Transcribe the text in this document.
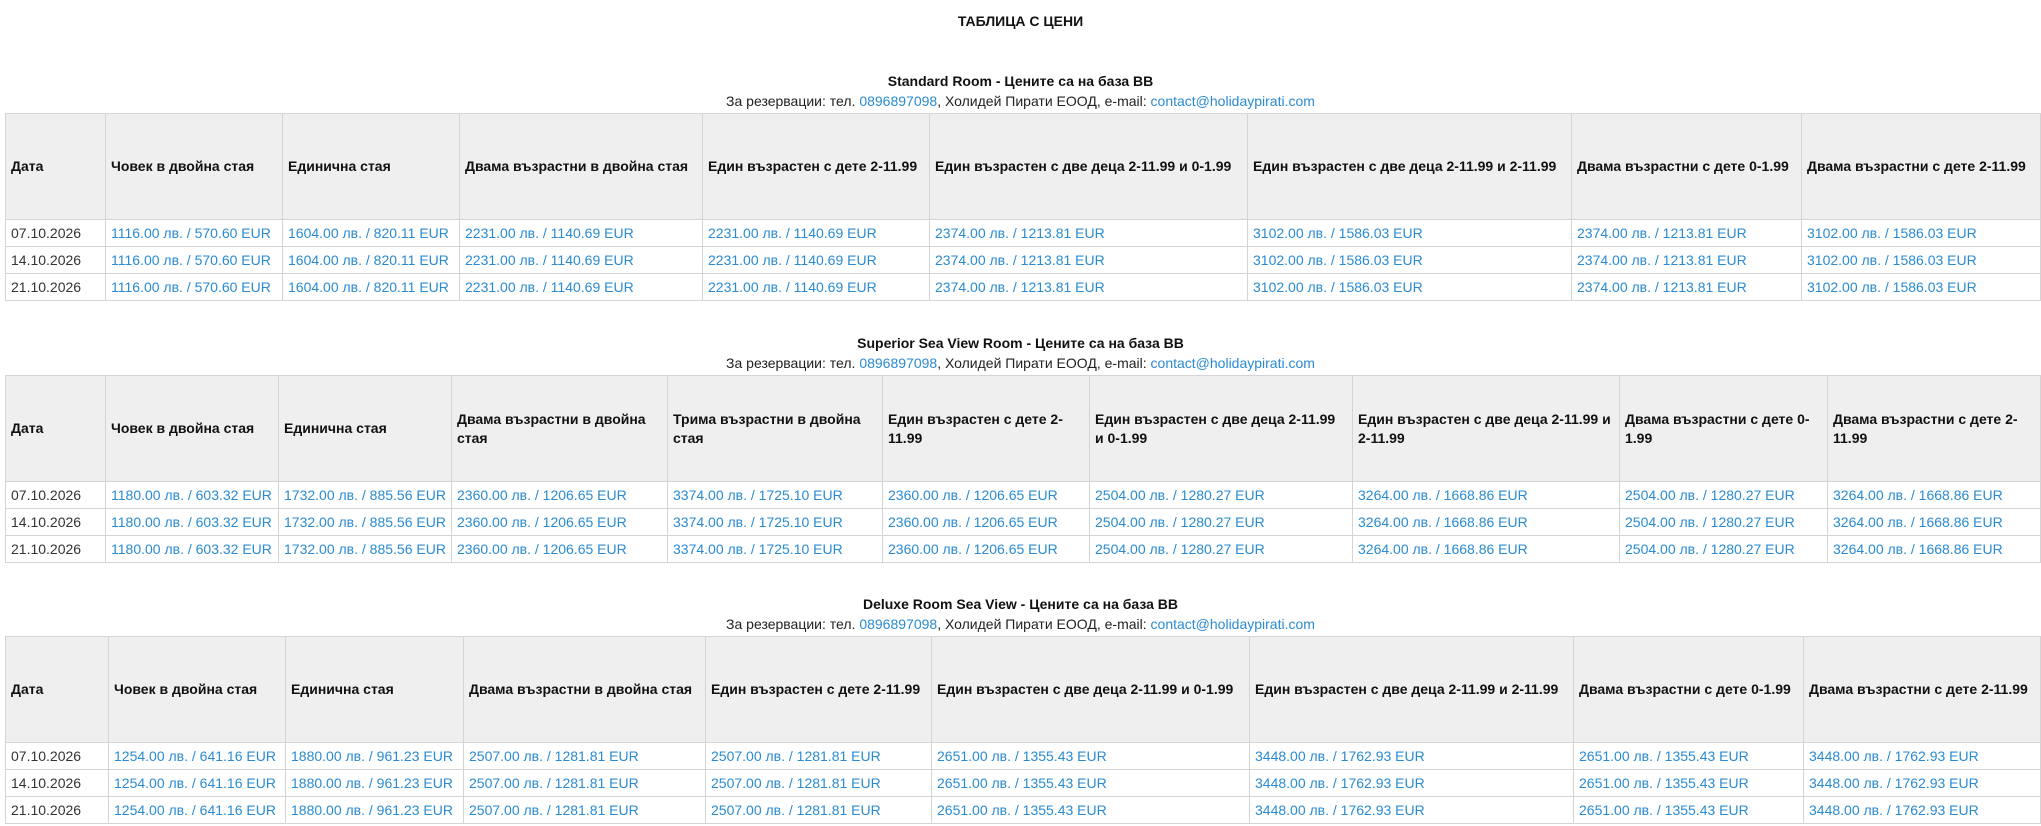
ТАБЛИЦА С ЦЕНИ
Standard Room - Цените са на база BB
За резервации: тел. 0896897098, Холидей Пирати ЕООД, e-mail: contact@holidaypirati.com
Дата	Човек в двойна стая	Единична стая	Двама възрастни в двойна стая	Един възрастен с дете 2-11.99	Един възрастен с две деца 2-11.99 и 0-1.99	Един възрастен с две деца 2-11.99 и 2-11.99	Двама възрастни с дете 0-1.99	Двама възрастни с дете 2-11.99
07.10.2026	1116.00 лв. / 570.60 EUR	1604.00 лв. / 820.11 EUR	2231.00 лв. / 1140.69 EUR	2231.00 лв. / 1140.69 EUR	2374.00 лв. / 1213.81 EUR	3102.00 лв. / 1586.03 EUR	2374.00 лв. / 1213.81 EUR	3102.00 лв. / 1586.03 EUR
14.10.2026	1116.00 лв. / 570.60 EUR	1604.00 лв. / 820.11 EUR	2231.00 лв. / 1140.69 EUR	2231.00 лв. / 1140.69 EUR	2374.00 лв. / 1213.81 EUR	3102.00 лв. / 1586.03 EUR	2374.00 лв. / 1213.81 EUR	3102.00 лв. / 1586.03 EUR
21.10.2026	1116.00 лв. / 570.60 EUR	1604.00 лв. / 820.11 EUR	2231.00 лв. / 1140.69 EUR	2231.00 лв. / 1140.69 EUR	2374.00 лв. / 1213.81 EUR	3102.00 лв. / 1586.03 EUR	2374.00 лв. / 1213.81 EUR	3102.00 лв. / 1586.03 EUR
Superior Sea View Room - Цените са на база BB
За резервации: тел. 0896897098, Холидей Пирати ЕООД, e-mail: contact@holidaypirati.com
Дата	Човек в двойна стая	Единична стая	Двама възрастни в двойна стая	Трима възрастни в двойна стая	Един възрастен с дете 2-11.99	Един възрастен с две деца 2-11.99 и 0-1.99	Един възрастен с две деца 2-11.99 и 2-11.99	Двама възрастни с дете 0-1.99	Двама възрастни с дете 2-11.99
07.10.2026	1180.00 лв. / 603.32 EUR	1732.00 лв. / 885.56 EUR	2360.00 лв. / 1206.65 EUR	3374.00 лв. / 1725.10 EUR	2360.00 лв. / 1206.65 EUR	2504.00 лв. / 1280.27 EUR	3264.00 лв. / 1668.86 EUR	2504.00 лв. / 1280.27 EUR	3264.00 лв. / 1668.86 EUR
14.10.2026	1180.00 лв. / 603.32 EUR	1732.00 лв. / 885.56 EUR	2360.00 лв. / 1206.65 EUR	3374.00 лв. / 1725.10 EUR	2360.00 лв. / 1206.65 EUR	2504.00 лв. / 1280.27 EUR	3264.00 лв. / 1668.86 EUR	2504.00 лв. / 1280.27 EUR	3264.00 лв. / 1668.86 EUR
21.10.2026	1180.00 лв. / 603.32 EUR	1732.00 лв. / 885.56 EUR	2360.00 лв. / 1206.65 EUR	3374.00 лв. / 1725.10 EUR	2360.00 лв. / 1206.65 EUR	2504.00 лв. / 1280.27 EUR	3264.00 лв. / 1668.86 EUR	2504.00 лв. / 1280.27 EUR	3264.00 лв. / 1668.86 EUR
Deluxe Room Sea View - Цените са на база BB
За резервации: тел. 0896897098, Холидей Пирати ЕООД, e-mail: contact@holidaypirati.com
Дата	Човек в двойна стая	Единична стая	Двама възрастни в двойна стая	Един възрастен с дете 2-11.99	Един възрастен с две деца 2-11.99 и 0-1.99	Един възрастен с две деца 2-11.99 и 2-11.99	Двама възрастни с дете 0-1.99	Двама възрастни с дете 2-11.99
07.10.2026	1254.00 лв. / 641.16 EUR	1880.00 лв. / 961.23 EUR	2507.00 лв. / 1281.81 EUR	2507.00 лв. / 1281.81 EUR	2651.00 лв. / 1355.43 EUR	3448.00 лв. / 1762.93 EUR	2651.00 лв. / 1355.43 EUR	3448.00 лв. / 1762.93 EUR
14.10.2026	1254.00 лв. / 641.16 EUR	1880.00 лв. / 961.23 EUR	2507.00 лв. / 1281.81 EUR	2507.00 лв. / 1281.81 EUR	2651.00 лв. / 1355.43 EUR	3448.00 лв. / 1762.93 EUR	2651.00 лв. / 1355.43 EUR	3448.00 лв. / 1762.93 EUR
21.10.2026	1254.00 лв. / 641.16 EUR	1880.00 лв. / 961.23 EUR	2507.00 лв. / 1281.81 EUR	2507.00 лв. / 1281.81 EUR	2651.00 лв. / 1355.43 EUR	3448.00 лв. / 1762.93 EUR	2651.00 лв. / 1355.43 EUR	3448.00 лв. / 1762.93 EUR
